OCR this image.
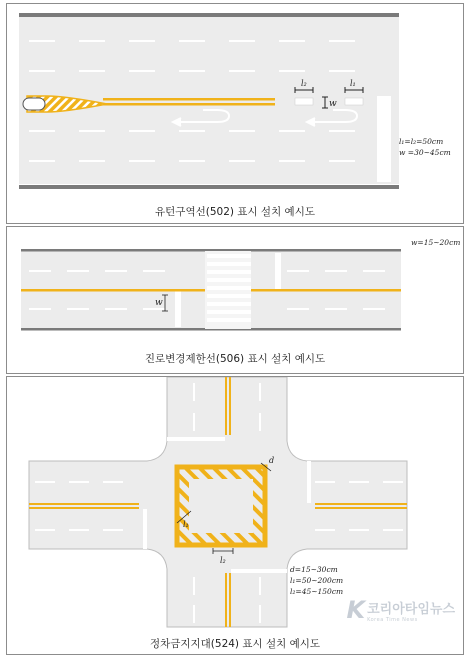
l₂	l₁
w
l₁=l₂=50cm
w =30~45cm
유턴구역선(502) 표시 설치 예시도
w
w=15~20cm
진로변경제한선(506) 표시 설치 예시도
d
l₁
l₂
d=15~30cm
l₁=50~200cm
l₂=45~150cm
K 코리아타임뉴스
Korea Time News
정차금지지대(524) 표시 설치 예시도
